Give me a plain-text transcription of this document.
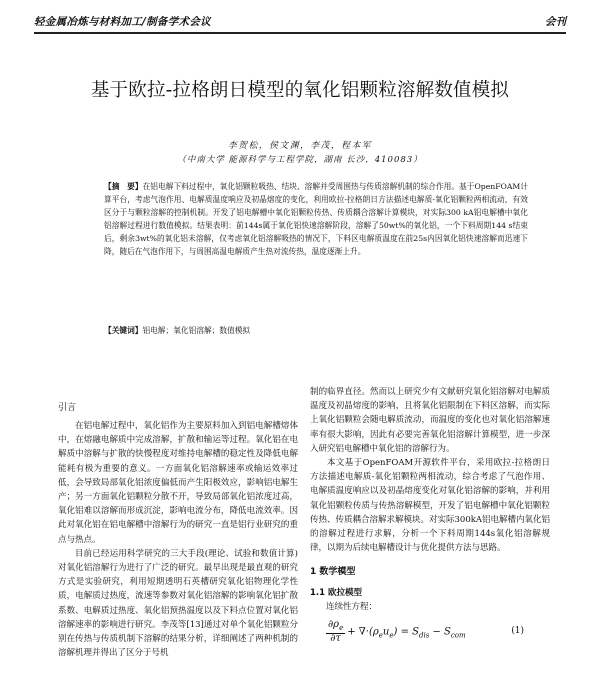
轻金属冶炼与材料加工/制备学术会议	会刊
基于欧拉-拉格朗日模型的氧化铝颗粒溶解数值模拟
李贺松，侯文渊，李茂，程本军
（中南大学 能源科学与工程学院，湖南 长沙，410083）
【摘　要】在铝电解下料过程中，氧化铝颗粒吸热、结块、溶解并受周围热与传质溶解机制的综合作用。基于OpenFOAM计算平台，考虑气泡作用、电解质温度响应及初晶熔度的变化，利用欧拉-拉格朗日方法描述电解质-氧化铝颗粒两相流动，有效区分于与颗粒溶解的控制机制。开发了铝电解槽中氧化铝颗粒传热、传质耦合溶解计算模块，对实际300 kA铝电解槽中氧化铝溶解过程进行数值模拟。结果表明：前144s属于氧化铝快速溶解阶段，溶解了50wt%的氧化铝，一个下料周期144 s结束后，剩余3wt%的氧化铝未溶解，仅考虑氧化铝溶解吸热的情况下，下料区电解质温度在前25s内因氧化铝快速溶解而迅速下降，随后在气泡作用下，与周围高温电解质产生热对流传热，温度逐渐上升。
【关键词】铝电解；氧化铝溶解；数值模拟
引言

在铝电解过程中，氧化铝作为主要原料加入到铝电解槽熔体中，在熔融电解质中完成溶解，扩散和输运等过程。氧化铝在电解质中溶解与扩散的快慢程度对维持电解槽的稳定性及降低电解能耗有极为重要的意义。一方面氧化铝溶解速率或输运效率过低，会导致局部氧化铝浓度偏低而产生阳极效应，影响铝电解生产；另一方面氧化铝颗粒分散不开，导致局部氧化铝浓度过高，氧化铝难以溶解而形成沉淀，影响电流分布，降低电流效率。因此对氧化铝在铝电解槽中溶解行为的研究一直是铝行业研究的重点与热点。

目前已经运用科学研究的三大手段(理论、试验和数值计算)对氧化铝溶解行为进行了广泛的研究。最早出现是最直观的研究方式是实验研究，利用短期透明石英槽研究氧化铝物理化学性质，电解质过热度，流速等参数对氧化铝溶解的影响氧化铝扩散系数、电解质过热度、氧化铝预热温度以及下料点位置对氧化铝溶解速率的影响进行研究。李茂等[13]通过对单个氧化铝颗粒分别在传热与传质机制下溶解的结果分析，详细阐述了两种机制的溶解机理并得出了区分于号机

制的临界直径。然而以上研究少有文献研究氧化铝溶解对电解质温度及初晶熔度的影响，且将氧化铝限制在下料区溶解，而实际上氧化铝颗粒会随电解质流动，而温度的变化也对氧化铝溶解速率有很大影响，因此有必要完善氧化铝溶解计算模型，进一步深入研究铝电解槽中氧化铝的溶解行为。

本文基于OpenFOAM开源软件平台，采用欧拉-拉格朗日方法描述电解质-氧化铝颗粒两相流动，综合考虑了气泡作用、电解质温度响应以及初晶熔度变化对氧化铝溶解的影响，并利用氧化铝颗粒传质与传热溶解模型，开发了铝电解槽中氧化铝颗粒传热、传质耦合溶解求解模块。对实际300kA铝电解槽内氧化铝的溶解过程进行求解，分析一个下料周期144s氧化铝溶解规律，以期为后续电解槽设计与优化提供方法与思路。

1 数学模型
1.1 欧拉模型
连续性方程：
$\frac{\partial\rho_e}{\partial\tau} + \nabla\cdot(\rho_eu_e) = S_{dis} - S_{com}$	(1)
